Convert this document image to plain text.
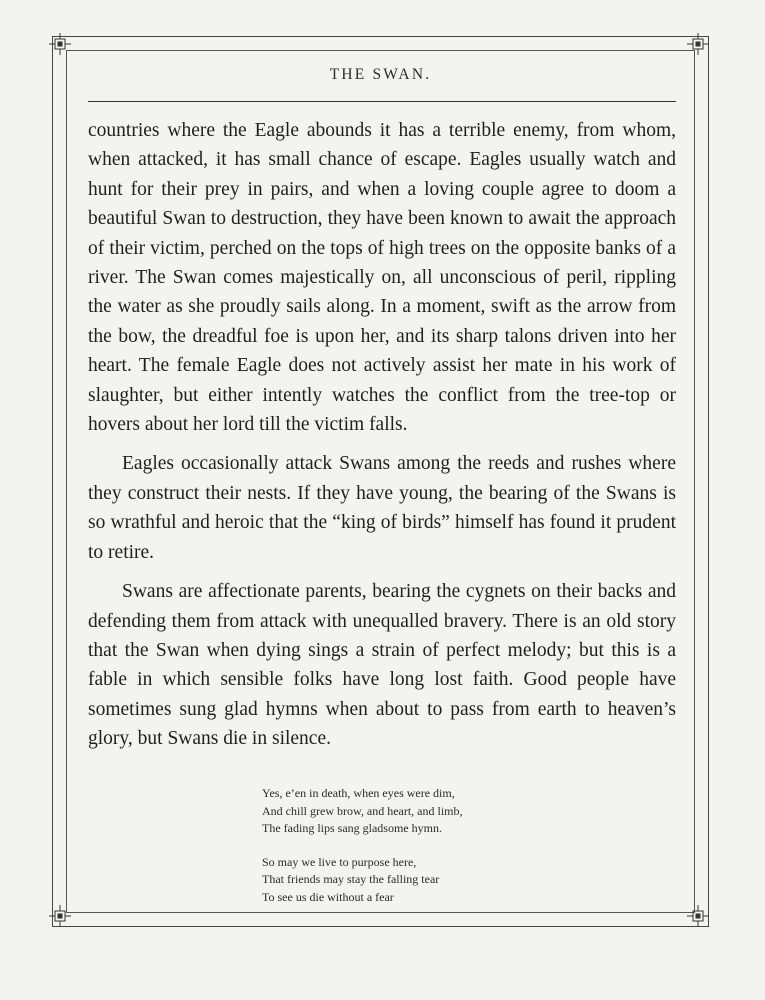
THE SWAN.

countries where the Eagle abounds it has a terrible enemy, from whom, when attacked, it has small chance of escape. Eagles usually watch and hunt for their prey in pairs, and when a loving couple agree to doom a beautiful Swan to destruction, they have been known to await the approach of their victim, perched on the tops of high trees on the opposite banks of a river. The Swan comes majestically on, all unconscious of peril, rippling the water as she proudly sails along. In a moment, swift as the arrow from the bow, the dreadful foe is upon her, and its sharp talons driven into her heart. The female Eagle does not actively assist her mate in his work of slaughter, but either intently watches the conflict from the tree-top or hovers about her lord till the victim falls.

Eagles occasionally attack Swans among the reeds and rushes where they construct their nests. If they have young, the bearing of the Swans is so wrathful and heroic that the “king of birds” himself has found it prudent to retire.

Swans are affectionate parents, bearing the cygnets on their backs and defending them from attack with unequalled bravery. There is an old story that the Swan when dying sings a strain of perfect melody; but this is a fable in which sensible folks have long lost faith. Good people have sometimes sung glad hymns when about to pass from earth to heaven’s glory, but Swans die in silence.

Yes, e’en in death, when eyes were dim,
And chill grew brow, and heart, and limb,
The fading lips sang gladsome hymn.
So may we live to purpose here,
That friends may stay the falling tear
To see us die without a fear
